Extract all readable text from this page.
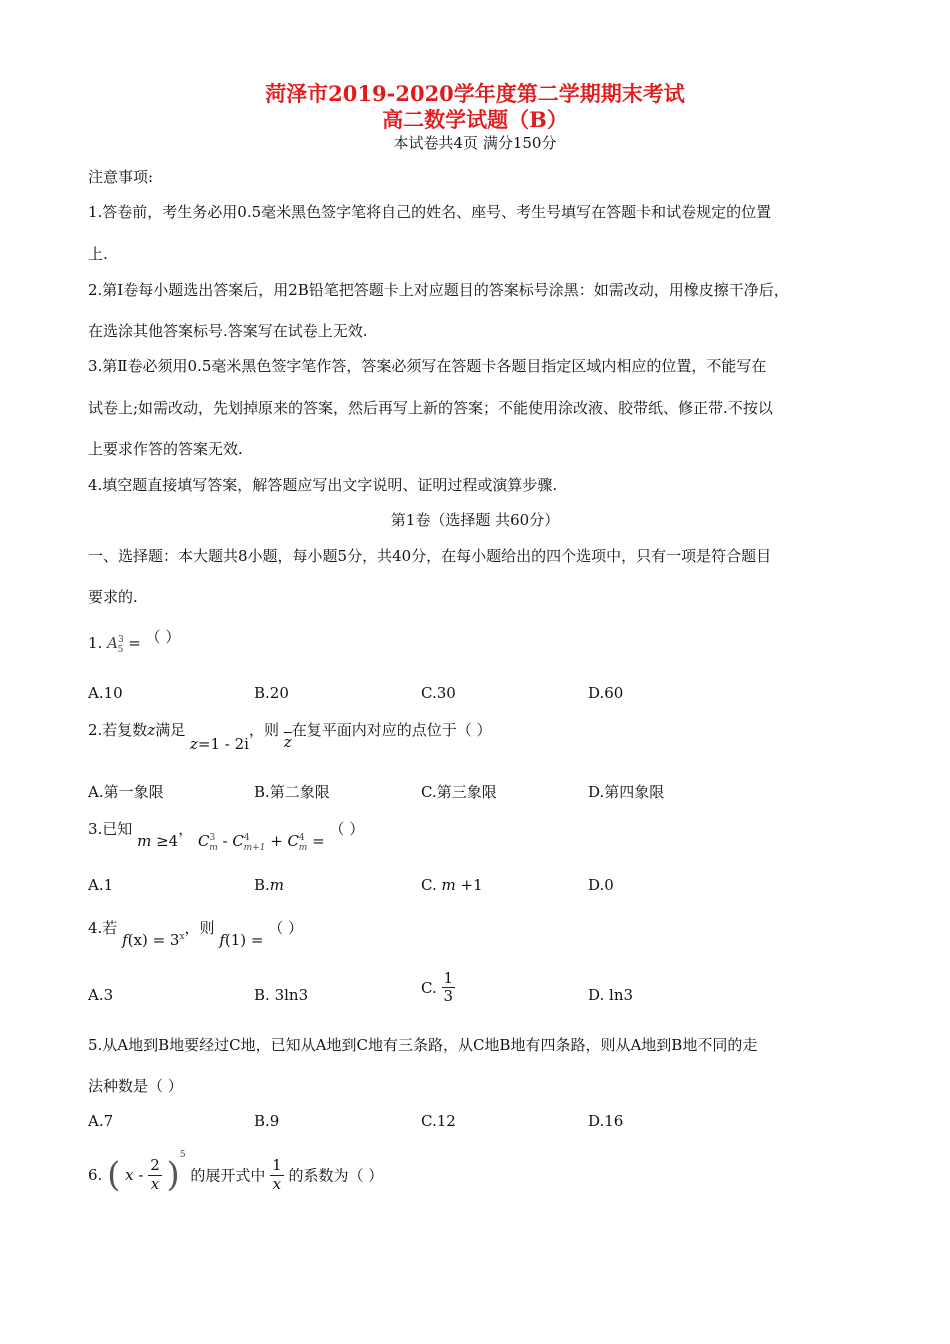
菏泽市2019-2020学年度第二学期期末考试
高二数学试题（B）
本试卷共4页 满分150分
注意事项:
1.答卷前，考生务必用0.5毫米黑色签字笔将自己的姓名、座号、考生号填写在答题卡和试卷规定的位置
上.
2.第Ⅰ卷每小题选出答案后，用2B铅笔把答题卡上对应题目的答案标号涂黑：如需改动，用橡皮擦干净后，
在选涂其他答案标号.答案写在试卷上无效.
3.第Ⅱ卷必须用0.5毫米黑色签字笔作答，答案必须写在答题卡各题目指定区域内相应的位置，不能写在
试卷上;如需改动，先划掉原来的答案，然后再写上新的答案；不能使用涂改液、胶带纸、修正带.不按以
上要求作答的答案无效.
4.填空题直接填写答案，解答题应写出文字说明、证明过程或演算步骤.
第1卷（选择题 共60分）
一、选择题：本大题共8小题，每小题5分，共40分，在每小题给出的四个选项中，只有一项是符合题目
要求的.
1. $A^3_5$ = （ ）
A.10	B.20	C.30	D.60
2.若复数z满足 z=1 - 2i，则 $\overline{z}$在复平面内对应的点位于（ ）
A.第一象限	B.第二象限	C.第三象限	D.第四象限
3.已知 m ≥4， $C^3_m - C^4_{m+1} + C^4_m$ = （ ）
A.1	B.m	C. m +1	D.0
4.若 $f(x) = 3^x$，则 f(1) = （ ）
A.3	B. 3ln3	C. $\frac{1}{3}$	D. ln3
5.从A地到B地要经过C地，已知从A地到C地有三条路，从C地B地有四条路，则从A地到B地不同的走
法种数是（ ）
A.7	B.9	C.12	D.16
6. ( x - $\frac{2}{x} )^5$ 的展开式中 $\frac{1}{x}$ 的系数为（ ）
